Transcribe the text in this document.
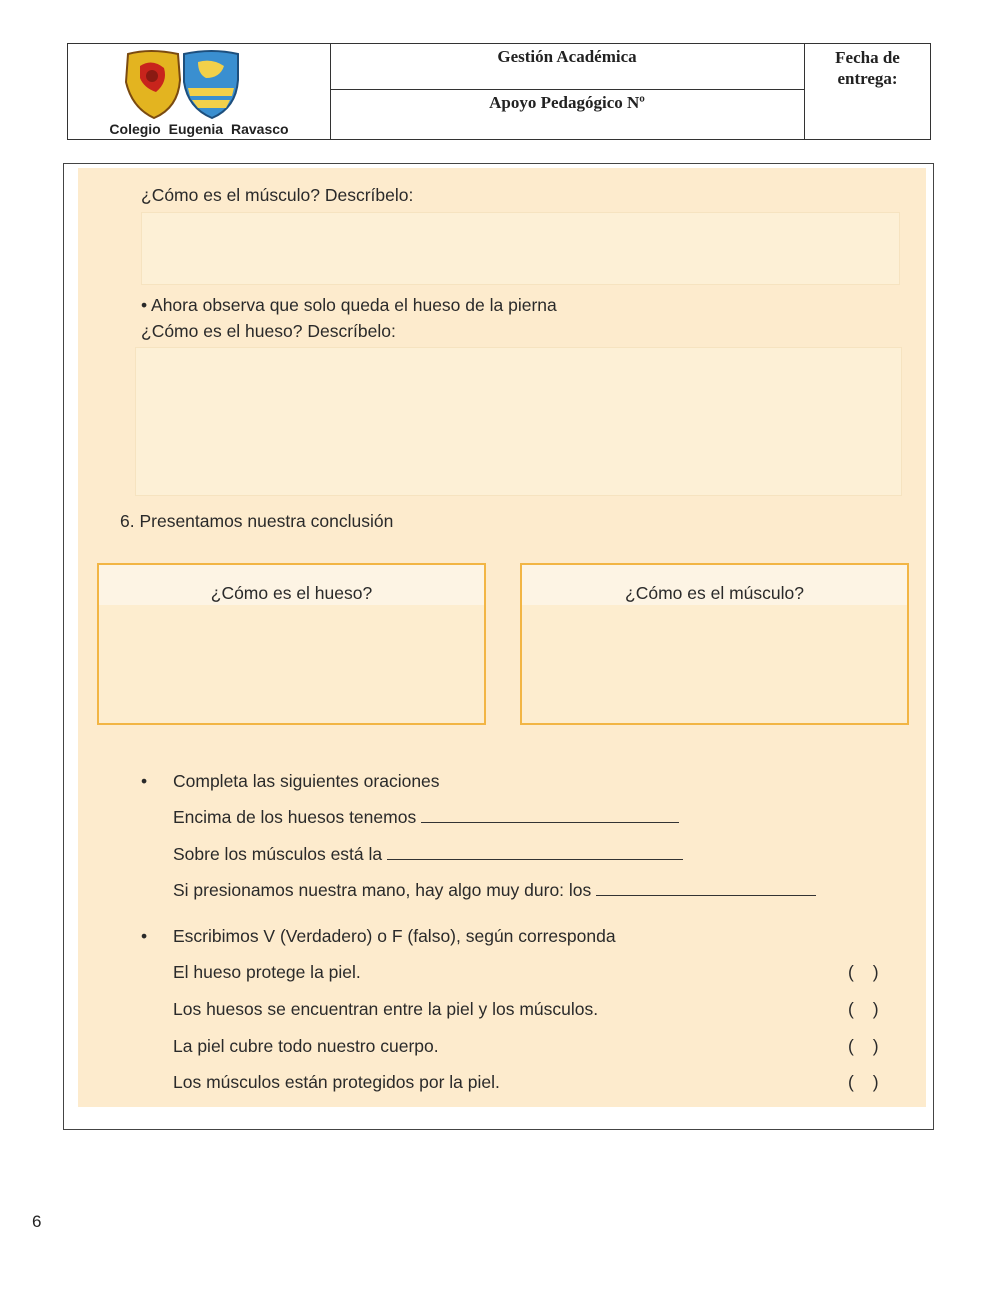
Colegio Eugenia Ravasco
Gestión Académica
Apoyo Pedagógico Nº
Fecha de entrega:
¿Cómo es el músculo? Descríbelo:
• Ahora observa que solo queda el hueso de la pierna
¿Cómo es el hueso? Descríbelo:
6. Presentamos nuestra conclusión
¿Cómo es el hueso?	¿Cómo es el músculo?
• Completa las siguientes oraciones
Encima de los huesos tenemos
Sobre los músculos está la
Si presionamos nuestra mano, hay algo muy duro: los
• Escribimos V (Verdadero) o F (falso), según corresponda
El hueso protege la piel.	( )
Los huesos se encuentran entre la piel y los músculos.	( )
La piel cubre todo nuestro cuerpo.	( )
Los músculos están protegidos por la piel.	( )
6
